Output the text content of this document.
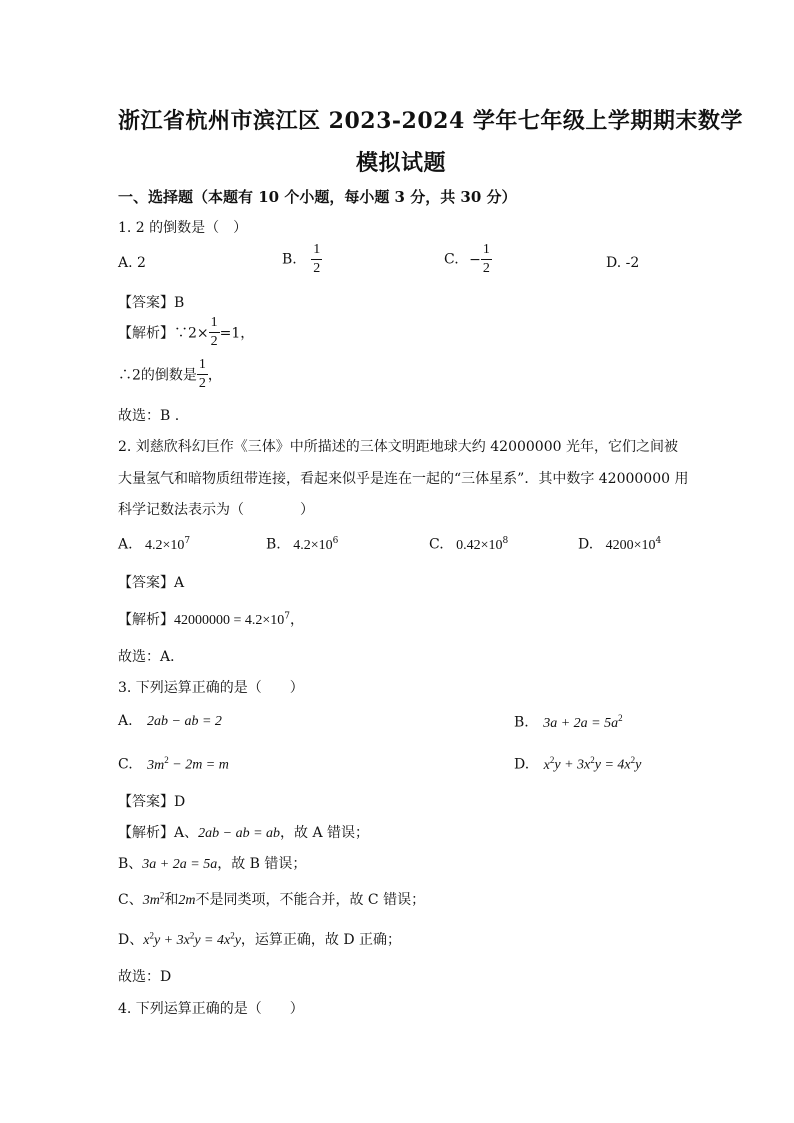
浙江省杭州市滨江区 2023-2024 学年七年级上学期期末数学
模拟试题
一、选择题（本题有 10 个小题，每小题 3 分，共 30 分）
1. 2 的倒数是（　）
A. 2	B. $\frac{1}{2}$	C. − $\frac{1}{2}$	D. -2
【答案】B
【解析】∵2× $\frac{1}{2} =1$，
∴2的倒数是 $\frac{1}{2}$ ，
故选：B .
2. 刘慈欣科幻巨作《三体》中所描述的三体文明距地球大约 42000000 光年，它们之间被
大量氢气和暗物质纽带连接，看起来似乎是连在一起的“三体星系”．其中数字 42000000 用
科学记数法表示为（　　　　）
A. $4.2\times 10^7$	B. $4.2\times 10^6$	C. $0.42\times 10^8$	D. $4200\times 10^4$
【答案】A
【解析】$42000000 = 4.2\times 10^7$，
故选：A．
3. 下列运算正确的是（　　）
A. 2ab − ab = 2	B. $3a + 2a = 5a^2$
C. $3m^2 - 2m = m$	D. $x^2y + 3x^2y = 4x^2y$
【答案】D
【解析】A、2ab − ab = ab，故 A 错误；
B、3a + 2a = 5a，故 B 错误；
C、$3m^2$和2m不是同类项，不能合并，故 C 错误；
D、$x^2y + 3x^2y = 4x^2y$，运算正确，故 D 正确；
故选：D
4. 下列运算正确的是（　　）
